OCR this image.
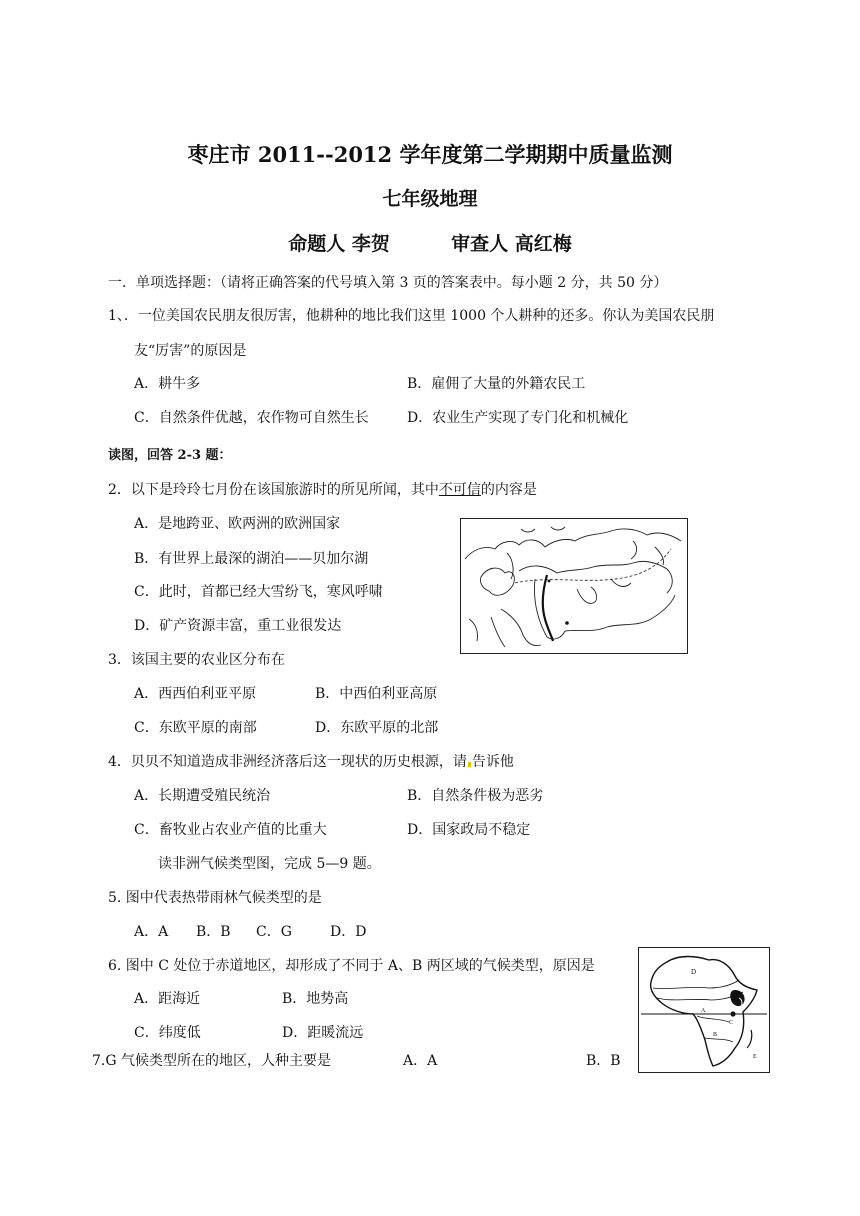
枣庄市 2011--2012 学年度第二学期期中质量监测
七年级地理
命题人 李贺	审查人 高红梅
一．单项选择题：（请将正确答案的代号填入第 3 页的答案表中。每小题 2 分，共 50 分）
1、．一位美国农民朋友很厉害，他耕种的地比我们这里 1000 个人耕种的还多。你认为美国农民朋
友“厉害”的原因是
A．耕牛多	B．雇佣了大量的外籍农民工
C．自然条件优越，农作物可自然生长	D．农业生产实现了专门化和机械化
读图，回答 2-3 题：
2．以下是玲玲七月份在该国旅游时的所见所闻，其中不可信的内容是
A．是地跨亚、欧两洲的欧洲国家
B．有世界上最深的湖泊——贝加尔湖
C．此时，首都已经大雪纷飞，寒风呼啸
D．矿产资源丰富，重工业很发达
3．该国主要的农业区分布在
A．西西伯利亚平原	B．中西伯利亚高原
C．东欧平原的南部	D．东欧平原的北部
4．贝贝不知道造成非洲经济落后这一现状的历史根源，请 告诉他
A．长期遭受殖民统治	B．自然条件极为恶劣
C．畜牧业占农业产值的比重大	D．国家政局不稳定
读非洲气候类型图，完成 5—9 题。
5. 图中代表热带雨林气候类型的是
A．A B．B C．G	D．D
6. 图中 C 处位于赤道地区，却形成了不同于 A、B 两区域的气候类型，原因是
A．距海近	B．地势高
C．纬度低	D．距暖流远
7.G 气候类型所在的地区，人种主要是	A．A	B．B
D
A
C
B
E
